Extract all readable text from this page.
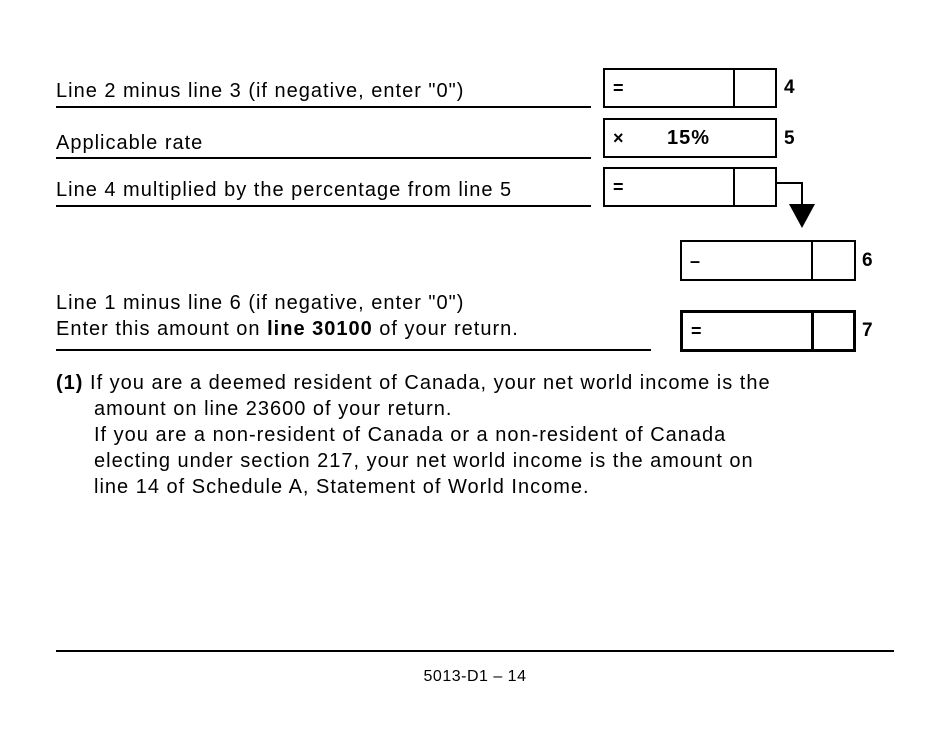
Line 2 minus line 3 (if negative, enter "0")	=	4
Applicable rate	× 15%	5
Line 4 multiplied by the percentage from line 5	=
–	6
Line 1 minus line 6 (if negative, enter "0")
Enter this amount on line 30100 of your return.	=	7
(1) If you are a deemed resident of Canada, your net world income is the
amount on line 23600 of your return.
If you are a non-resident of Canada or a non-resident of Canada
electing under section 217, your net world income is the amount on
line 14 of Schedule A, Statement of World Income.
5013-D1 – 14
